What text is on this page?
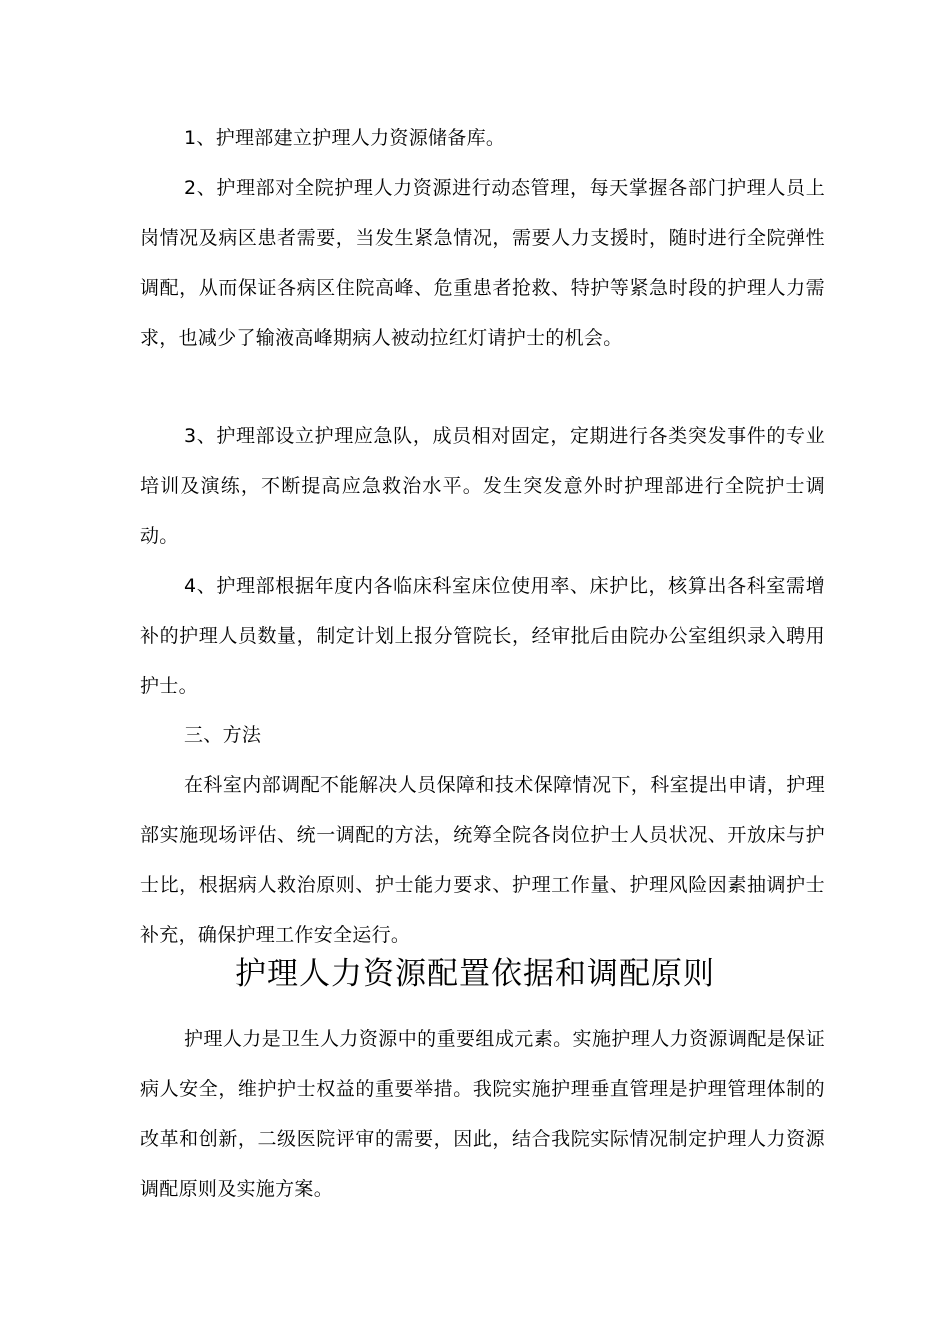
1、护理部建立护理人力资源储备库。

2、护理部对全院护理人力资源进行动态管理，每天掌握各部门护理人员上岗情况及病区患者需要，当发生紧急情况，需要人力支援时，随时进行全院弹性调配，从而保证各病区住院高峰、危重患者抢救、特护等紧急时段的护理人力需求，也减少了输液高峰期病人被动拉红灯请护士的机会。

3、护理部设立护理应急队，成员相对固定，定期进行各类突发事件的专业培训及演练，不断提高应急救治水平。发生突发意外时护理部进行全院护士调动。

4、护理部根据年度内各临床科室床位使用率、床护比，核算出各科室需增补的护理人员数量，制定计划上报分管院长，经审批后由院办公室组织录入聘用护士。

三、方法

在科室内部调配不能解决人员保障和技术保障情况下，科室提出申请，护理部实施现场评估、统一调配的方法，统筹全院各岗位护士人员状况、开放床与护士比，根据病人救治原则、护士能力要求、护理工作量、护理风险因素抽调护士补充，确保护理工作安全运行。

护理人力资源配置依据和调配原则

护理人力是卫生人力资源中的重要组成元素。实施护理人力资源调配是保证病人安全，维护护士权益的重要举措。我院实施护理垂直管理是护理管理体制的改革和创新，二级医院评审的需要，因此，结合我院实际情况制定护理人力资源调配原则及实施方案。
